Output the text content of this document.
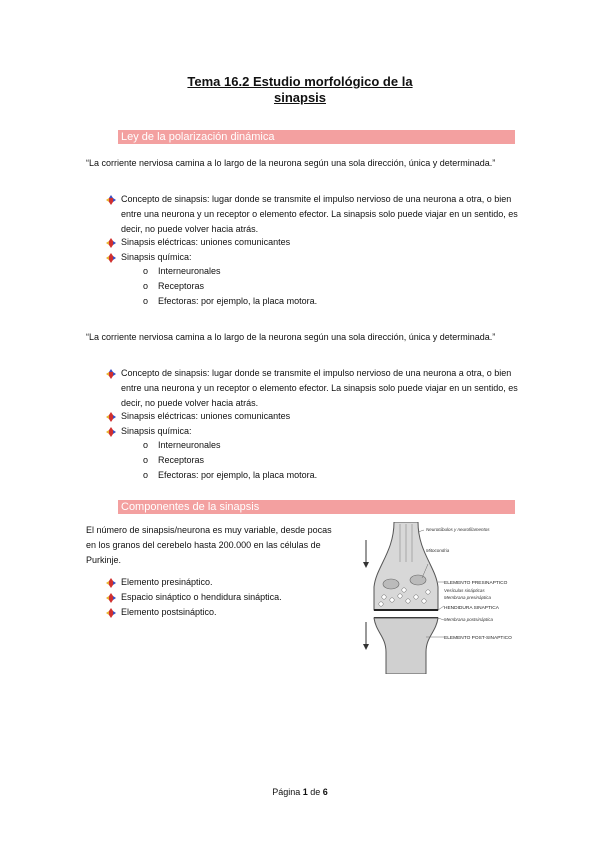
Tema 16.2 Estudio morfológico de la
sinapsis
Ley de la polarización dinámica

“La corriente nerviosa camina a lo largo de la neurona según una sola dirección, única y determinada.”

Concepto de sinapsis: lugar donde se transmite el impulso nervioso de una neurona a otra, o bien entre una neurona y un receptor o elemento efector. La sinapsis solo puede viajar en un sentido, es decir, no puede volver hacia atrás.
Sinapsis eléctricas: uniones comunicantes
Sinapsis química:
o Interneuronales
o Receptoras
o Efectoras: por ejemplo, la placa motora.

“La corriente nerviosa camina a lo largo de la neurona según una sola dirección, única y determinada.”

Concepto de sinapsis: lugar donde se transmite el impulso nervioso de una neurona a otra, o bien entre una neurona y un receptor o elemento efector. La sinapsis solo puede viajar en un sentido, es decir, no puede volver hacia atrás.
Sinapsis eléctricas: uniones comunicantes
Sinapsis química:
o Interneuronales
o Receptoras
o Efectoras: por ejemplo, la placa motora.
Componentes de la sinapsis

El número de sinapsis/neurona es muy variable, desde pocas en los granos del cerebelo hasta 200.000 en las células de Purkinje.

Elemento presináptico.
Espacio sináptico o hendidura sináptica.
Elemento postsináptico.
Neurotúbulos y neurofilamentos
Mitocondria
ELEMENTO PRESINAPTICO
Vesículas sinápticas
Membrana presináptica
HENDIDURA SINAPTICA
Membrana postsináptica
ELEMENTO POST-SINAPTICO
Página 1 de 6
